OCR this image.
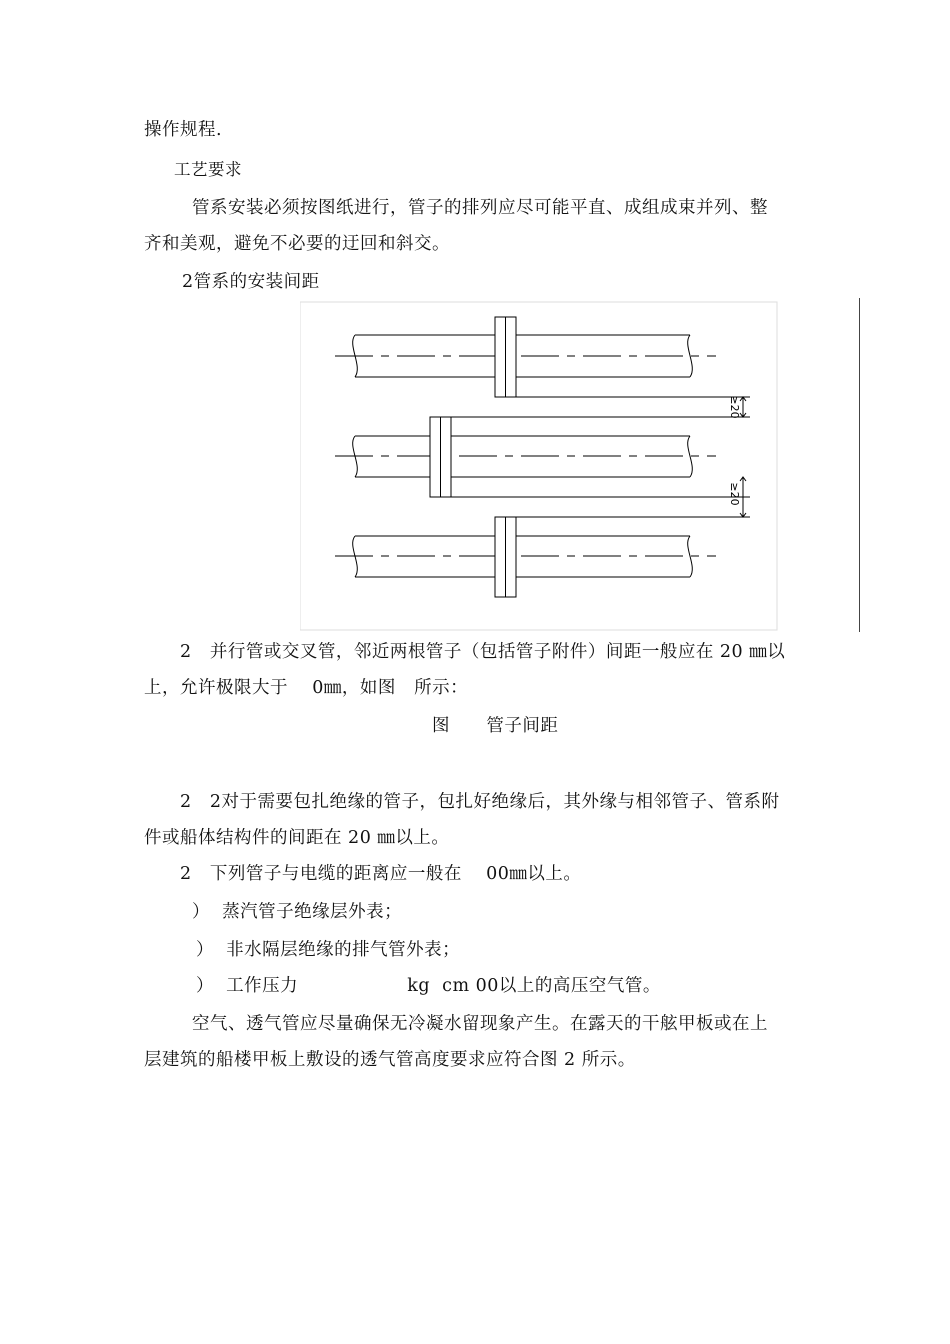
操作规程.
工艺要求
管系安装必须按图纸进行，管子的排列应尽可能平直、成组成束并列、整
齐和美观，避免不必要的迂回和斜交。
2管系的安装间距
≥20
≥20
2   并行管或交叉管，邻近两根管子（包括管子附件）间距一般应在 20 ㎜以
上，允许极限大于    0㎜，如图   所示：
图      管子间距
2   2对于需要包扎绝缘的管子，包扎好绝缘后，其外缘与相邻管子、管系附
件或船体结构件的间距在 20 ㎜以上。
2   下列管子与电缆的距离应一般在    00㎜以上。
）  蒸汽管子绝缘层外表；
）  非水隔层绝缘的排气管外表；
）  工作压力                  kg  cm 00以上的高压空气管。
空气、透气管应尽量确保无冷凝水留现象产生。在露天的干舷甲板或在上
层建筑的船楼甲板上敷设的透气管高度要求应符合图 2 所示。
